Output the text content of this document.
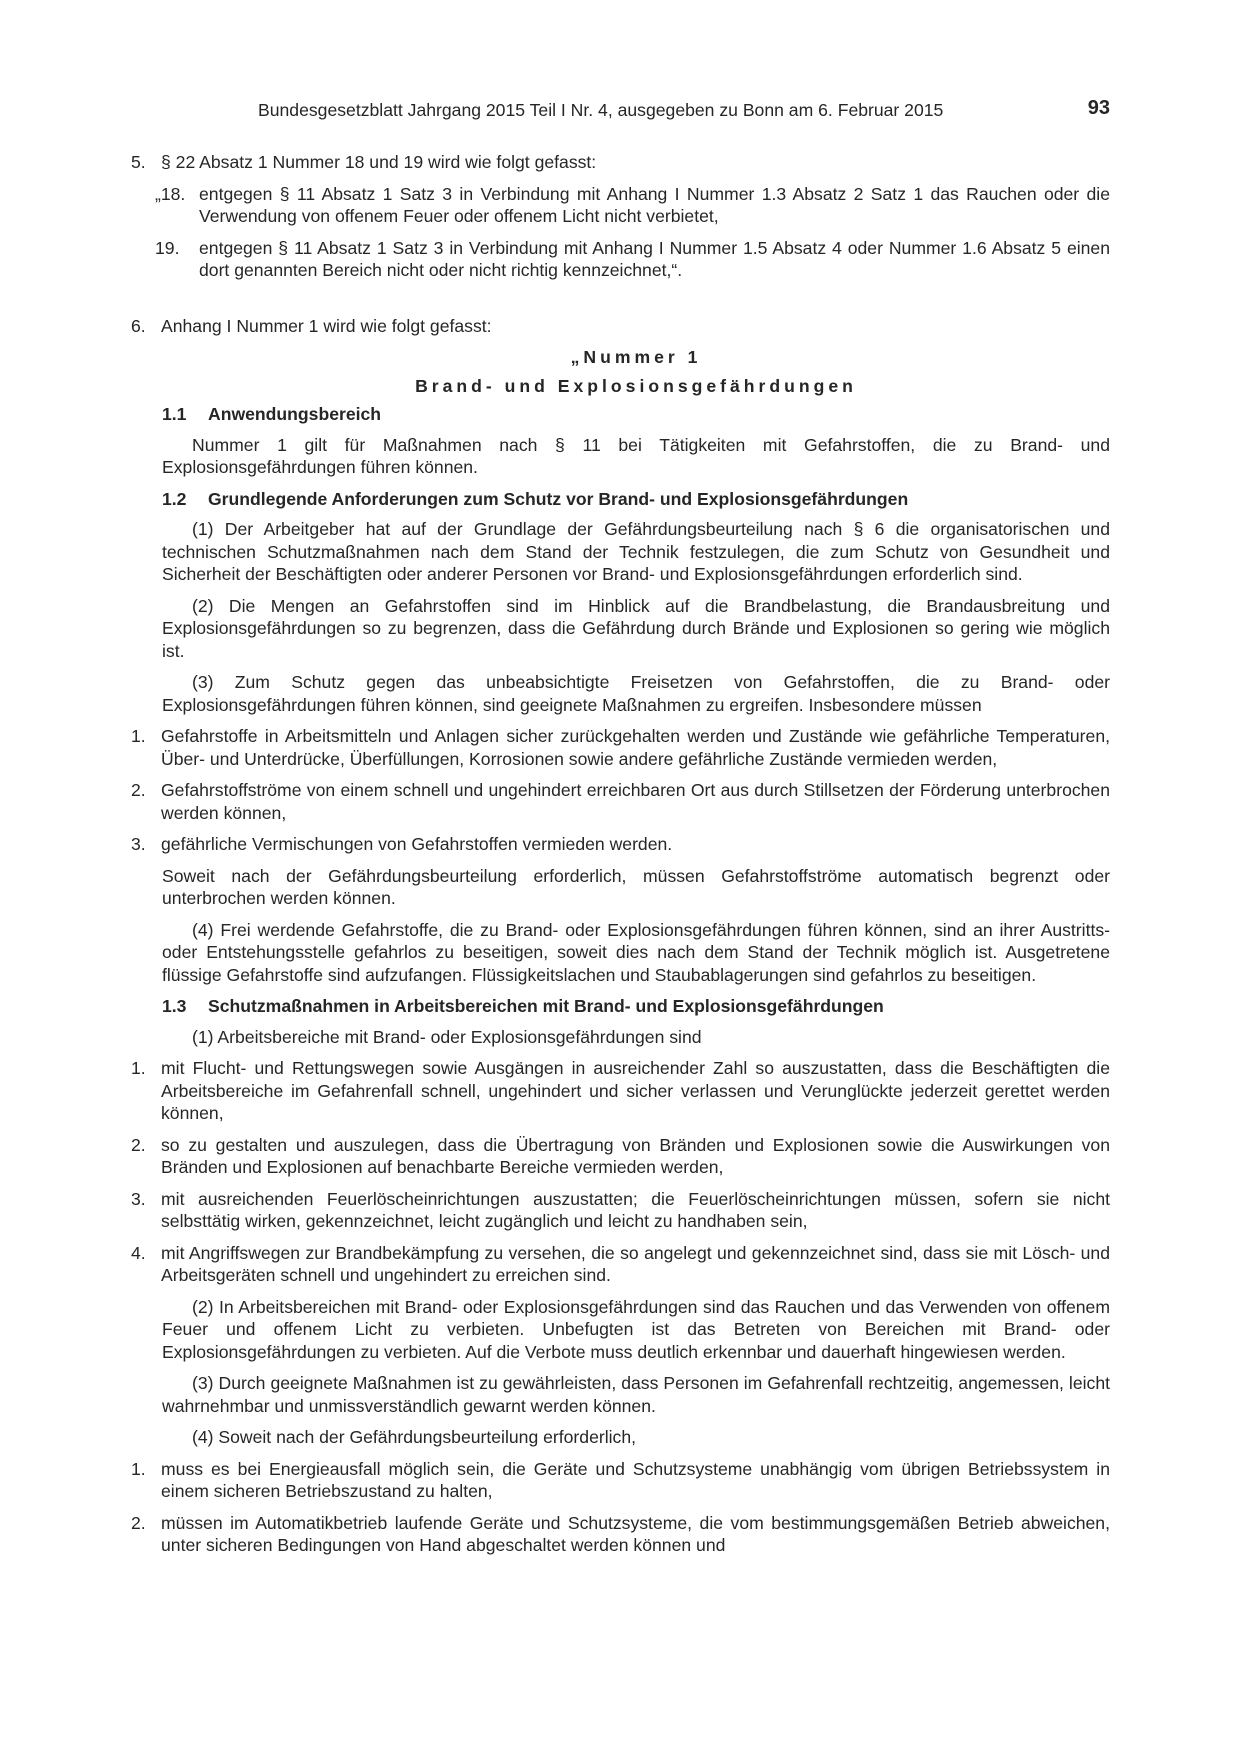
Bundesgesetzblatt Jahrgang 2015 Teil I Nr. 4, ausgegeben zu Bonn am 6. Februar 2015	93
5. § 22 Absatz 1 Nummer 18 und 19 wird wie folgt gefasst:
„18. entgegen § 11 Absatz 1 Satz 3 in Verbindung mit Anhang I Nummer 1.3 Absatz 2 Satz 1 das Rauchen oder die Verwendung von offenem Feuer oder offenem Licht nicht verbietet,
19. entgegen § 11 Absatz 1 Satz 3 in Verbindung mit Anhang I Nummer 1.5 Absatz 4 oder Nummer 1.6 Absatz 5 einen dort genannten Bereich nicht oder nicht richtig kennzeichnet,“.
6. Anhang I Nummer 1 wird wie folgt gefasst:
„Nummer 1
Brand- und Explosionsgefährdungen
1.1 Anwendungsbereich

Nummer 1 gilt für Maßnahmen nach § 11 bei Tätigkeiten mit Gefahrstoffen, die zu Brand- und Explosionsgefährdungen führen können.

1.2 Grundlegende Anforderungen zum Schutz vor Brand- und Explosionsgefährdungen

(1) Der Arbeitgeber hat auf der Grundlage der Gefährdungsbeurteilung nach § 6 die organisatorischen und technischen Schutzmaßnahmen nach dem Stand der Technik festzulegen, die zum Schutz von Gesundheit und Sicherheit der Beschäftigten oder anderer Personen vor Brand- und Explosionsgefährdungen erforderlich sind.

(2) Die Mengen an Gefahrstoffen sind im Hinblick auf die Brandbelastung, die Brandausbreitung und Explosionsgefährdungen so zu begrenzen, dass die Gefährdung durch Brände und Explosionen so gering wie möglich ist.

(3) Zum Schutz gegen das unbeabsichtigte Freisetzen von Gefahrstoffen, die zu Brand- oder Explosionsgefährdungen führen können, sind geeignete Maßnahmen zu ergreifen. Insbesondere müssen

1. Gefahrstoffe in Arbeitsmitteln und Anlagen sicher zurückgehalten werden und Zustände wie gefährliche Temperaturen, Über- und Unterdrücke, Überfüllungen, Korrosionen sowie andere gefährliche Zustände vermieden werden,
2. Gefahrstoffströme von einem schnell und ungehindert erreichbaren Ort aus durch Stillsetzen der Förderung unterbrochen werden können,
3. gefährliche Vermischungen von Gefahrstoffen vermieden werden.

Soweit nach der Gefährdungsbeurteilung erforderlich, müssen Gefahrstoffströme automatisch begrenzt oder unterbrochen werden können.

(4) Frei werdende Gefahrstoffe, die zu Brand- oder Explosionsgefährdungen führen können, sind an ihrer Austritts- oder Entstehungsstelle gefahrlos zu beseitigen, soweit dies nach dem Stand der Technik möglich ist. Ausgetretene flüssige Gefahrstoffe sind aufzufangen. Flüssigkeitslachen und Staubablagerungen sind gefahrlos zu beseitigen.

1.3 Schutzmaßnahmen in Arbeitsbereichen mit Brand- und Explosionsgefährdungen

(1) Arbeitsbereiche mit Brand- oder Explosionsgefährdungen sind

1. mit Flucht- und Rettungswegen sowie Ausgängen in ausreichender Zahl so auszustatten, dass die Beschäftigten die Arbeitsbereiche im Gefahrenfall schnell, ungehindert und sicher verlassen und Verunglückte jederzeit gerettet werden können,
2. so zu gestalten und auszulegen, dass die Übertragung von Bränden und Explosionen sowie die Auswirkungen von Bränden und Explosionen auf benachbarte Bereiche vermieden werden,
3. mit ausreichenden Feuerlöscheinrichtungen auszustatten; die Feuerlöscheinrichtungen müssen, sofern sie nicht selbsttätig wirken, gekennzeichnet, leicht zugänglich und leicht zu handhaben sein,
4. mit Angriffswegen zur Brandbekämpfung zu versehen, die so angelegt und gekennzeichnet sind, dass sie mit Lösch- und Arbeitsgeräten schnell und ungehindert zu erreichen sind.

(2) In Arbeitsbereichen mit Brand- oder Explosionsgefährdungen sind das Rauchen und das Verwenden von offenem Feuer und offenem Licht zu verbieten. Unbefugten ist das Betreten von Bereichen mit Brand- oder Explosionsgefährdungen zu verbieten. Auf die Verbote muss deutlich erkennbar und dauerhaft hingewiesen werden.

(3) Durch geeignete Maßnahmen ist zu gewährleisten, dass Personen im Gefahrenfall rechtzeitig, angemessen, leicht wahrnehmbar und unmissverständlich gewarnt werden können.

(4) Soweit nach der Gefährdungsbeurteilung erforderlich,

1. muss es bei Energieausfall möglich sein, die Geräte und Schutzsysteme unabhängig vom übrigen Betriebssystem in einem sicheren Betriebszustand zu halten,
2. müssen im Automatikbetrieb laufende Geräte und Schutzsysteme, die vom bestimmungsgemäßen Betrieb abweichen, unter sicheren Bedingungen von Hand abgeschaltet werden können und
